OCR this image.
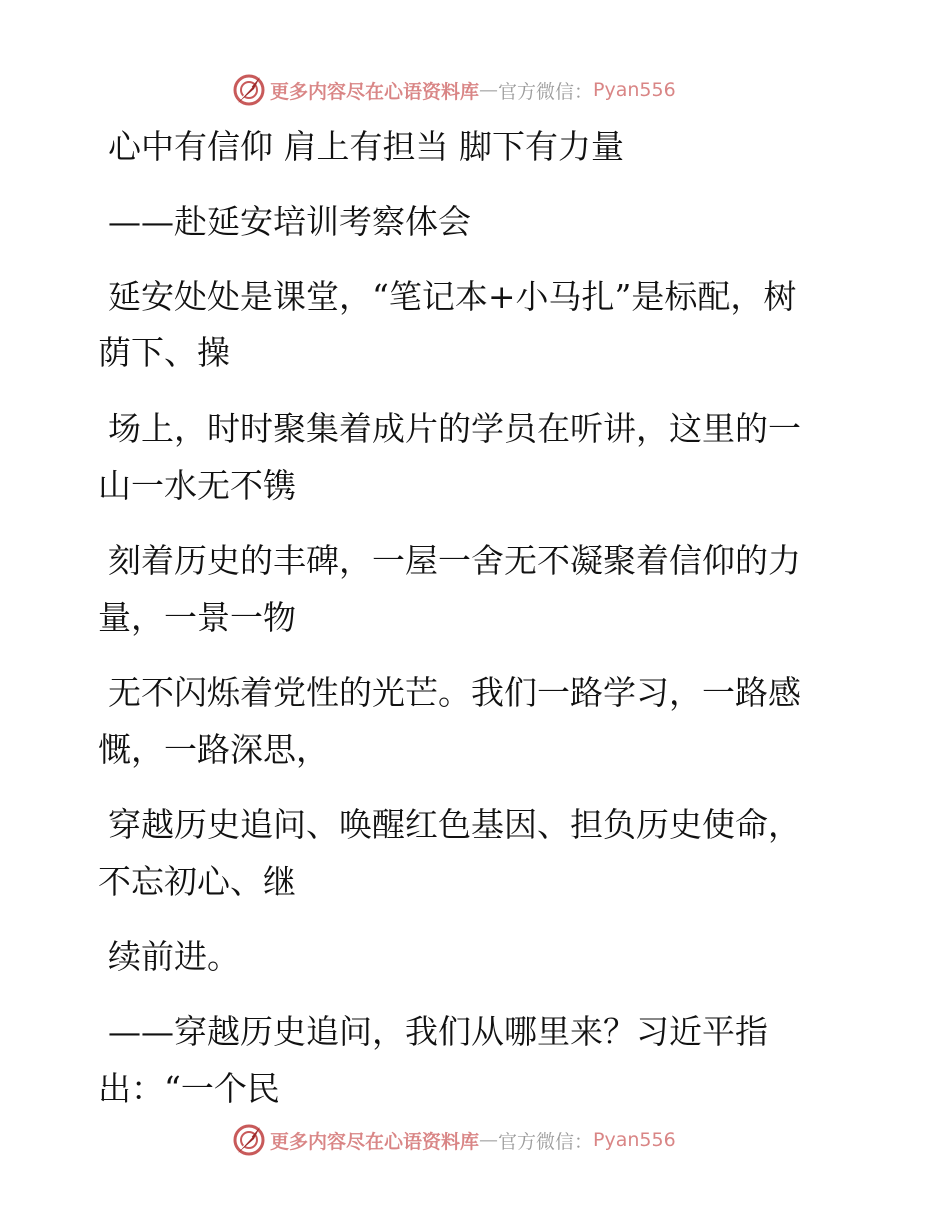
更多内容尽在心语资料库 — 官方微信： Pyan556
心中有信仰 肩上有担当 脚下有力量
——赴延安培训考察体会
延安处处是课堂，“笔记本+小马扎”是标配，树
荫下、操
场上，时时聚集着成片的学员在听讲，这里的一
山一水无不镌
刻着历史的丰碑，一屋一舍无不凝聚着信仰的力
量，一景一物
无不闪烁着党性的光芒。我们一路学习，一路感
慨，一路深思，
穿越历史追问、唤醒红色基因、担负历史使命，
不忘初心、继
续前进。
——穿越历史追问，我们从哪里来？习近平指
出：“一个民
更多内容尽在心语资料库 — 官方微信： Pyan556
